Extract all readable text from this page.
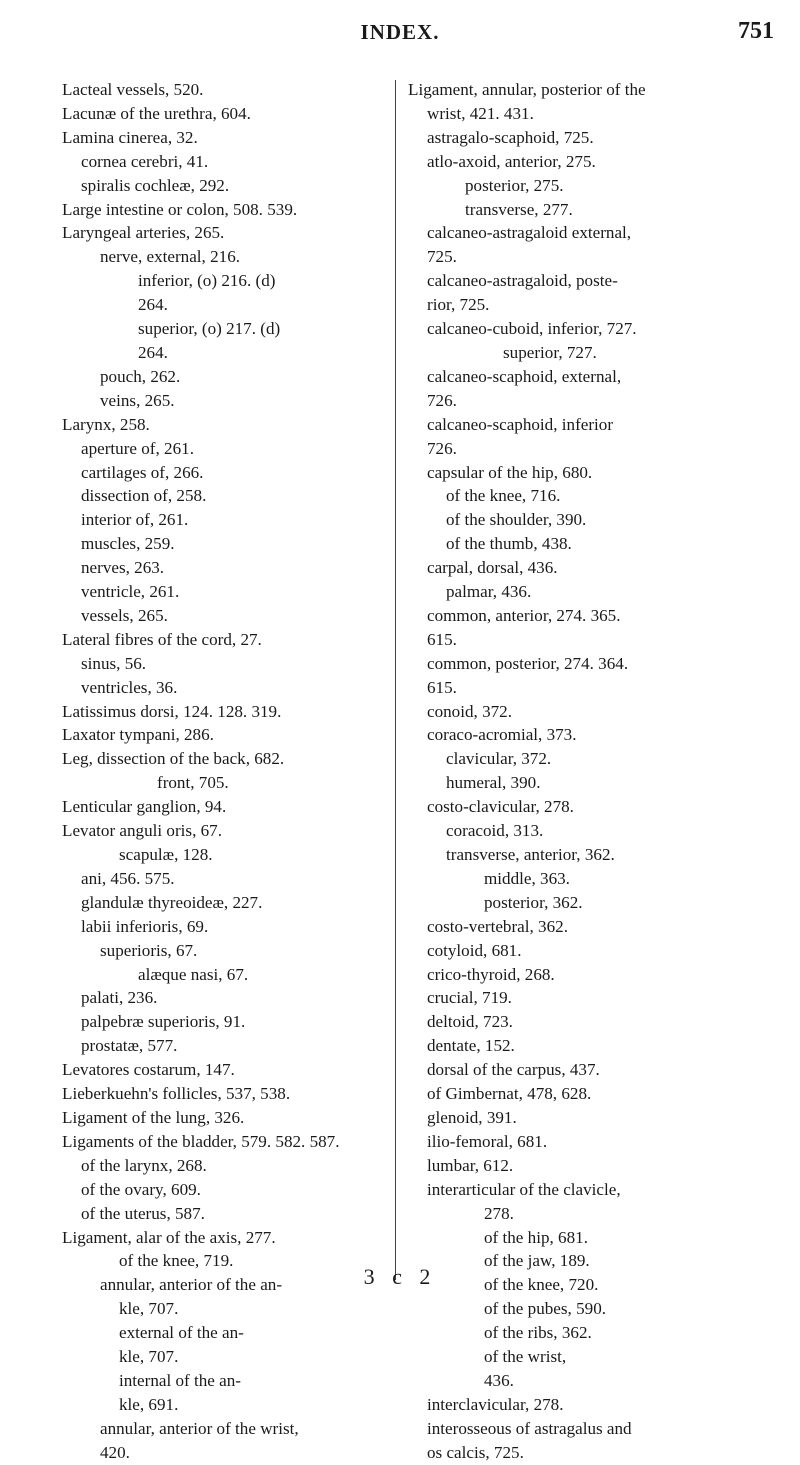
INDEX.	751
Lacteal vessels, 520.
Lacunæ of the urethra, 604.
Lamina cinerea, 32.
cornea cerebri, 41.
spiralis cochleæ, 292.
Large intestine or colon, 508. 539.
Laryngeal arteries, 265.
nerve, external, 216.
inferior, (o) 216. (d)
264.
superior, (o) 217. (d)
264.
pouch, 262.
veins, 265.
Larynx, 258.
aperture of, 261.
cartilages of, 266.
dissection of, 258.
interior of, 261.
muscles, 259.
nerves, 263.
ventricle, 261.
vessels, 265.
Lateral fibres of the cord, 27.
sinus, 56.
ventricles, 36.
Latissimus dorsi, 124. 128. 319.
Laxator tympani, 286.
Leg, dissection of the back, 682.
front, 705.
Lenticular ganglion, 94.
Levator anguli oris, 67.
scapulæ, 128.
ani, 456. 575.
glandulæ thyreoideæ, 227.
labii inferioris, 69.
superioris, 67.
alæque nasi, 67.
palati, 236.
palpebræ superioris, 91.
prostatæ, 577.
Levatores costarum, 147.
Lieberkuehn's follicles, 537, 538.
Ligament of the lung, 326.
Ligaments of the bladder, 579. 582. 587.
of the larynx, 268.
of the ovary, 609.
of the uterus, 587.
Ligament, alar of the axis, 277.
of the knee, 719.
annular, anterior of the an-
kle, 707.
external of the an-
kle, 707.
internal of the an-
kle, 691.
annular, anterior of the wrist,
420.
Ligament, annular, posterior of the
wrist, 421. 431.
astragalo-scaphoid, 725.
atlo-axoid, anterior, 275.
posterior, 275.
transverse, 277.
calcaneo-astragaloid external,
725.
calcaneo-astragaloid, poste-
rior, 725.
calcaneo-cuboid, inferior, 727.
superior, 727.
calcaneo-scaphoid, external,
726.
calcaneo-scaphoid, inferior
726.
capsular of the hip, 680.
of the knee, 716.
of the shoulder, 390.
of the thumb, 438.
carpal, dorsal, 436.
palmar, 436.
common, anterior, 274. 365.
615.
common, posterior, 274. 364.
615.
conoid, 372.
coraco-acromial, 373.
clavicular, 372.
humeral, 390.
costo-clavicular, 278.
coracoid, 313.
transverse, anterior, 362.
middle, 363.
posterior, 362.
costo-vertebral, 362.
cotyloid, 681.
crico-thyroid, 268.
crucial, 719.
deltoid, 723.
dentate, 152.
dorsal of the carpus, 437.
of Gimbernat, 478, 628.
glenoid, 391.
ilio-femoral, 681.
lumbar, 612.
interarticular of the clavicle,
278.
of the hip, 681.
of the jaw, 189.
of the knee, 720.
of the pubes, 590.
of the ribs, 362.
of the wrist,
436.
interclavicular, 278.
interosseous of astragalus and
os calcis, 725.
3 c 2
